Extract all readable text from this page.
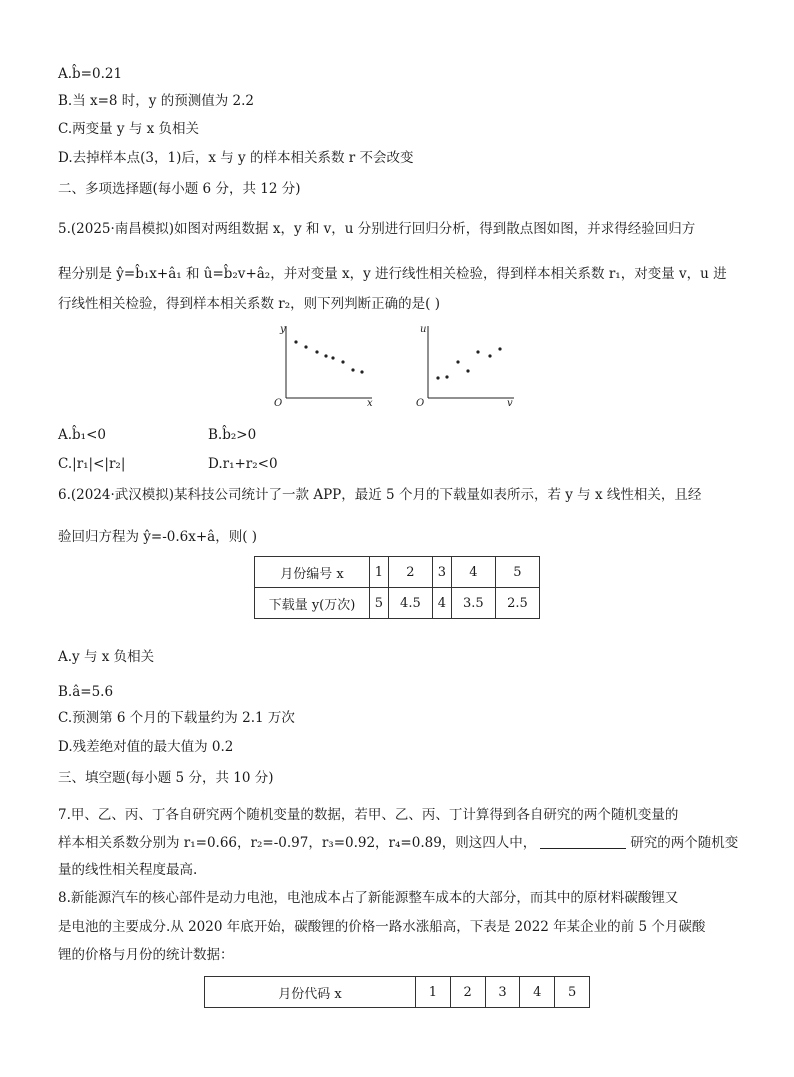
A.b̂=0.21
B.当 x=8 时，y 的预测值为 2.2
C.两变量 y 与 x 负相关
D.去掉样本点(3，1)后，x 与 y 的样本相关系数 r 不会改变
二、多项选择题(每小题 6 分，共 12 分)
5.(2025·南昌模拟)如图对两组数据 x，y 和 v，u 分别进行回归分析，得到散点图如图，并求得经验回归方
程分别是 ŷ=b̂₁x+â₁ 和 û=b̂₂v+â₂，并对变量 x，y 进行线性相关检验，得到样本相关系数 r₁，对变量 v，u 进
行线性相关检验，得到样本相关系数 r₂，则下列判断正确的是( )
y
x
O
u
v
O
A.b̂₁<0	B.b̂₂>0
C.|r₁|<|r₂|	D.r₁+r₂<0
6.(2024·武汉模拟)某科技公司统计了一款 APP，最近 5 个月的下载量如表所示，若 y 与 x 线性相关，且经
验回归方程为 ŷ=-0.6x+â，则( )
月份编号 x	1	2	3	4	5
下载量 y(万次)	5	4.5	4	3.5	2.5
A.y 与 x 负相关
B.â=5.6
C.预测第 6 个月的下载量约为 2.1 万次
D.残差绝对值的最大值为 0.2
三、填空题(每小题 5 分，共 10 分)
7.甲、乙、丙、丁各自研究两个随机变量的数据，若甲、乙、丙、丁计算得到各自研究的两个随机变量的
样本相关系数分别为 r₁=0.66，r₂=-0.97，r₃=0.92，r₄=0.89，则这四人中，	研究的两个随机变
量的线性相关程度最高.
8.新能源汽车的核心部件是动力电池，电池成本占了新能源整车成本的大部分，而其中的原材料碳酸锂又
是电池的主要成分.从 2020 年底开始，碳酸锂的价格一路水涨船高，下表是 2022 年某企业的前 5 个月碳酸
锂的价格与月份的统计数据：
月份代码 x	1	2	3	4	5
